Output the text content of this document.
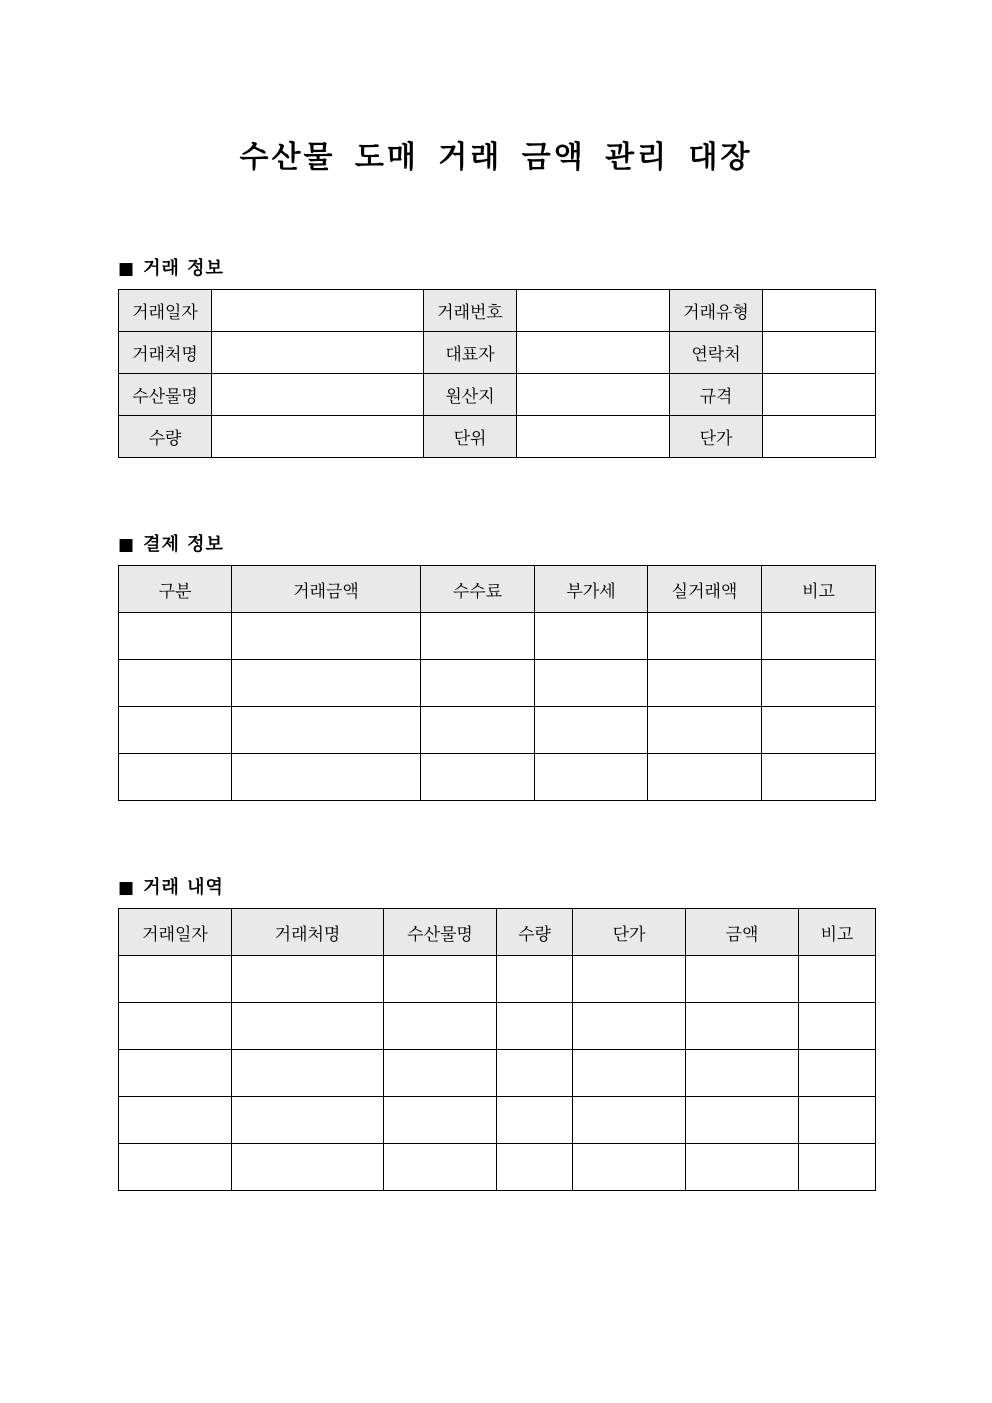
수산물 도매 거래 금액 관리 대장
■ 거래 정보
거래일자		거래번호		거래유형	
거래처명		대표자		연락처	
수산물명		원산지		규격	
수량		단위		단가	
■ 결제 정보
구분	거래금액	수수료	부가세	실거래액	비고

■ 거래 내역
거래일자	거래처명	수산물명	수량	단가	금액	비고
